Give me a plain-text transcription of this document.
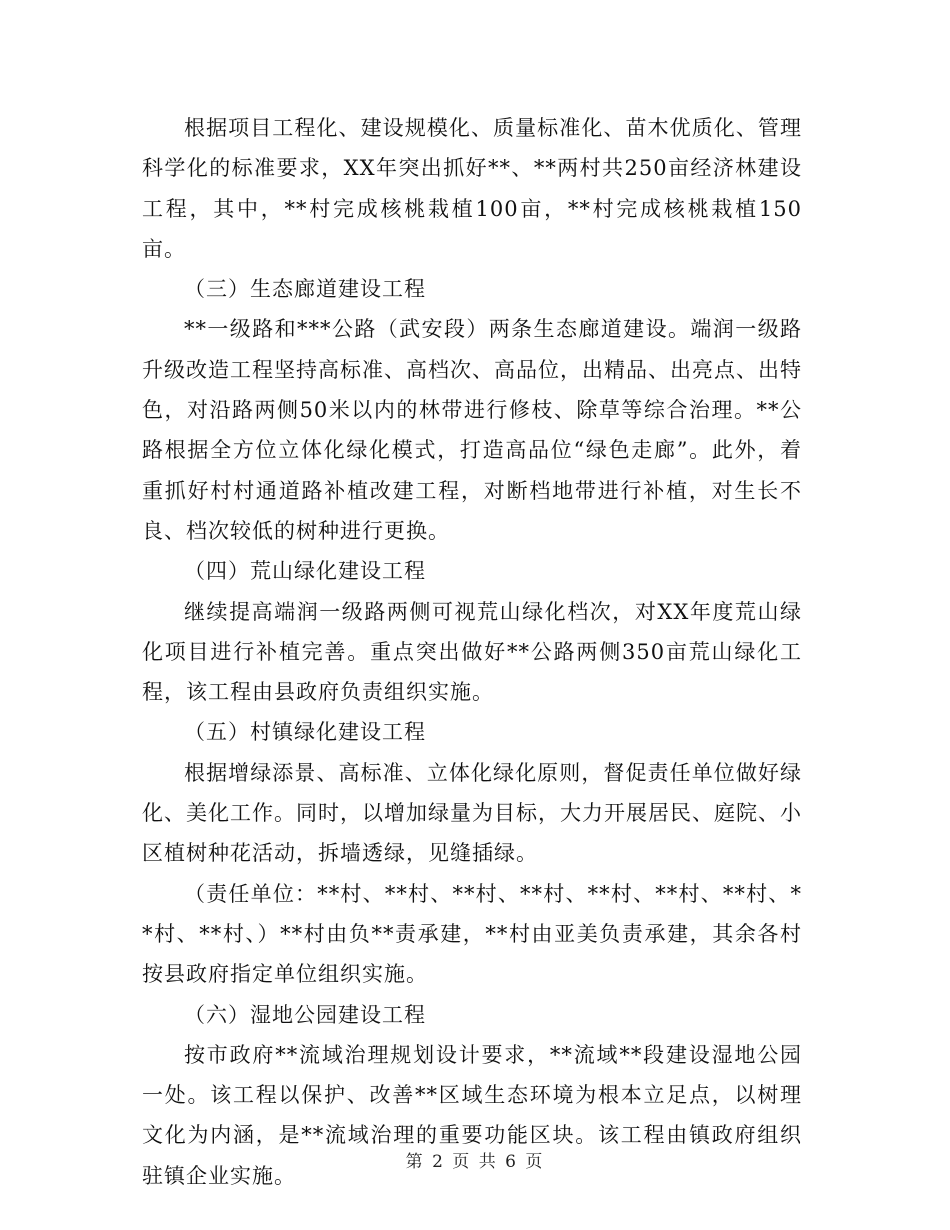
根据项目工程化、建设规模化、质量标准化、苗木优质化、管理科学化的标准要求，XX年突出抓好**、**两村共250亩经济林建设工程，其中，**村完成核桃栽植100亩，**村完成核桃栽植150亩。

（三）生态廊道建设工程

**一级路和***公路（武安段）两条生态廊道建设。端润一级路升级改造工程坚持高标准、高档次、高品位，出精品、出亮点、出特色，对沿路两侧50米以内的林带进行修枝、除草等综合治理。**公路根据全方位立体化绿化模式，打造高品位“绿色走廊”。此外，着重抓好村村通道路补植改建工程，对断档地带进行补植，对生长不良、档次较低的树种进行更换。

（四）荒山绿化建设工程

继续提高端润一级路两侧可视荒山绿化档次，对XX年度荒山绿化项目进行补植完善。重点突出做好**公路两侧350亩荒山绿化工程，该工程由县政府负责组织实施。

（五）村镇绿化建设工程

根据增绿添景、高标准、立体化绿化原则，督促责任单位做好绿化、美化工作。同时，以增加绿量为目标，大力开展居民、庭院、小区植树种花活动，拆墙透绿，见缝插绿。

（责任单位：**村、**村、**村、**村、**村、**村、**村、**村、**村、）**村由负**责承建，**村由亚美负责承建，其余各村按县政府指定单位组织实施。

（六）湿地公园建设工程

按市政府**流域治理规划设计要求，**流域**段建设湿地公园一处。该工程以保护、改善**区域生态环境为根本立足点，以树理文化为内涵，是**流域治理的重要功能区块。该工程由镇政府组织驻镇企业实施。

第 2 页 共 6 页
